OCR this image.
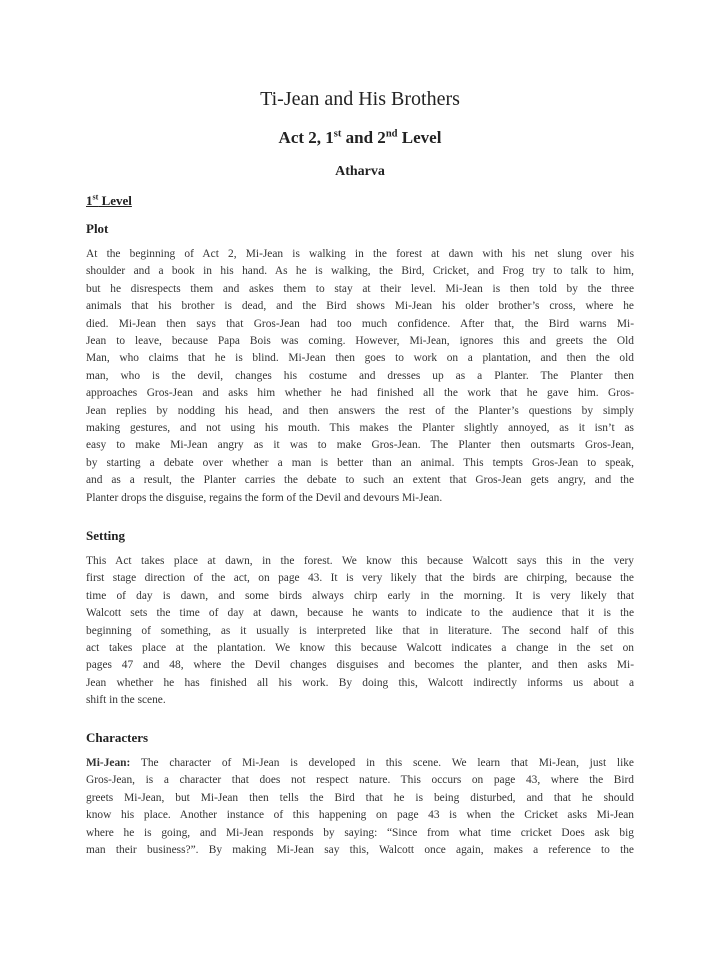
Ti-Jean and His Brothers
Act 2, 1st and 2nd Level
Atharva
1st Level
Plot
At the beginning of Act 2, Mi-Jean is walking in the forest at dawn with his net slung over his
shoulder and a book in his hand. As he is walking, the Bird, Cricket, and Frog try to talk to him,
but he disrespects them and askes them to stay at their level. Mi-Jean is then told by the three
animals that his brother is dead, and the Bird shows Mi-Jean his older brother’s cross, where he
died. Mi-Jean then says that Gros-Jean had too much confidence. After that, the Bird warns Mi-
Jean to leave, because Papa Bois was coming. However, Mi-Jean, ignores this and greets the Old
Man, who claims that he is blind. Mi-Jean then goes to work on a plantation, and then the old
man, who is the devil, changes his costume and dresses up as a Planter. The Planter then
approaches Gros-Jean and asks him whether he had finished all the work that he gave him. Gros-
Jean replies by nodding his head, and then answers the rest of the Planter’s questions by simply
making gestures, and not using his mouth. This makes the Planter slightly annoyed, as it isn’t as
easy to make Mi-Jean angry as it was to make Gros-Jean. The Planter then outsmarts Gros-Jean,
by starting a debate over whether a man is better than an animal. This tempts Gros-Jean to speak,
and as a result, the Planter carries the debate to such an extent that Gros-Jean gets angry, and the
Planter drops the disguise, regains the form of the Devil and devours Mi-Jean.
Setting
This Act takes place at dawn, in the forest. We know this because Walcott says this in the very
first stage direction of the act, on page 43. It is very likely that the birds are chirping, because the
time of day is dawn, and some birds always chirp early in the morning. It is very likely that
Walcott sets the time of day at dawn, because he wants to indicate to the audience that it is the
beginning of something, as it usually is interpreted like that in literature. The second half of this
act takes place at the plantation. We know this because Walcott indicates a change in the set on
pages 47 and 48, where the Devil changes disguises and becomes the planter, and then asks Mi-
Jean whether he has finished all his work. By doing this, Walcott indirectly informs us about a
shift in the scene.
Characters
Mi-Jean: The character of Mi-Jean is developed in this scene. We learn that Mi-Jean, just like
Gros-Jean, is a character that does not respect nature. This occurs on page 43, where the Bird
greets Mi-Jean, but Mi-Jean then tells the Bird that he is being disturbed, and that he should
know his place. Another instance of this happening on page 43 is when the Cricket asks Mi-Jean
where he is going, and Mi-Jean responds by saying: “Since from what time cricket Does ask big
man their business?”. By making Mi-Jean say this, Walcott once again, makes a reference to the
